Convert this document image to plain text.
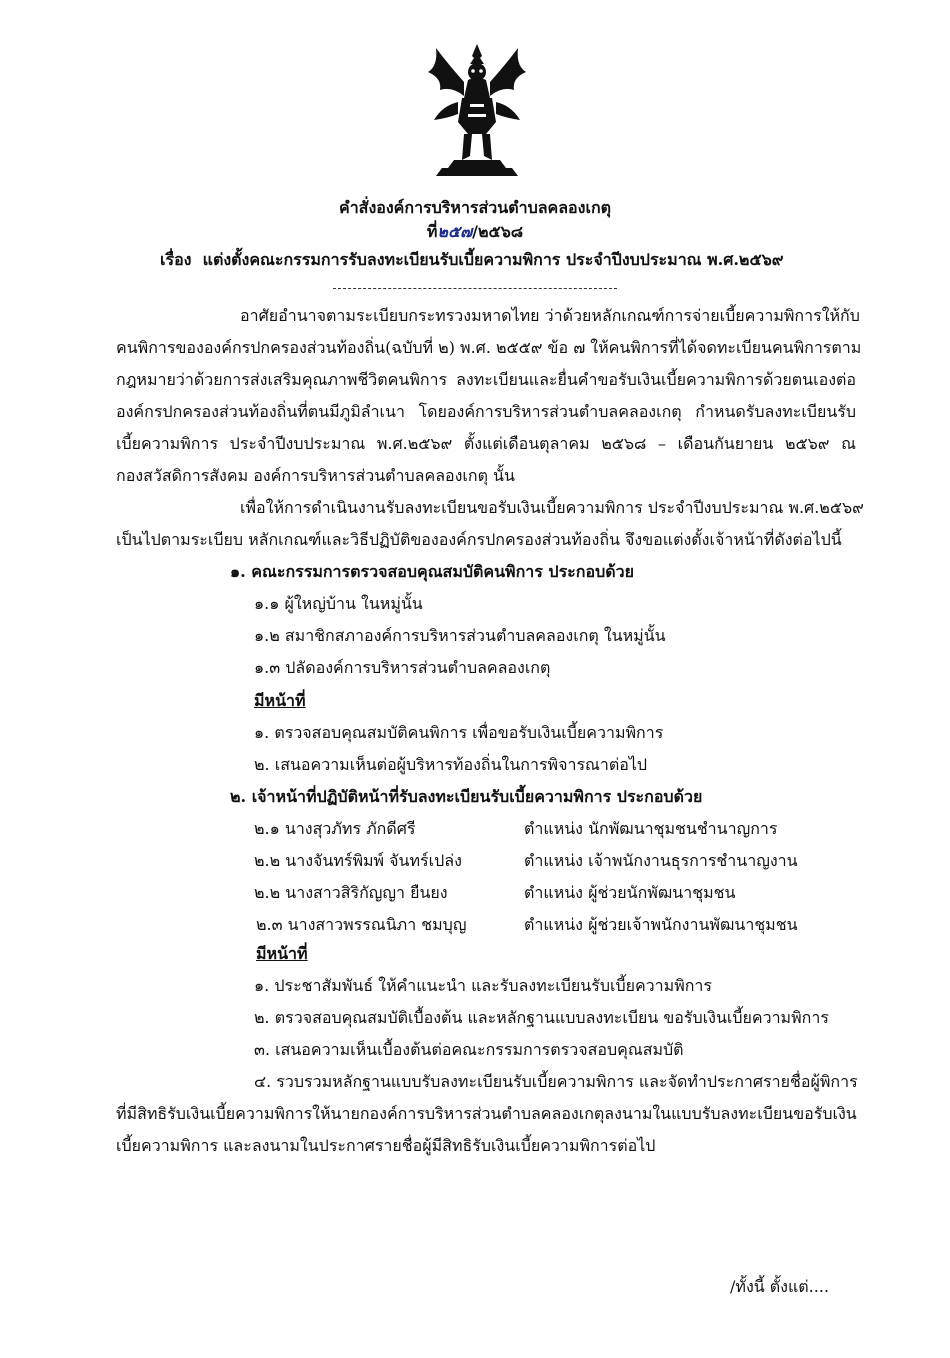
คำสั่งองค์การบริหารส่วนตำบลคลองเกตุ
ที่๒๕๗/๒๕๖๘
เรื่อง แต่งตั้งคณะกรรมการรับลงทะเบียนรับเบี้ยความพิการ ประจำปีงบประมาณ พ.ศ.๒๕๖๙
อาศัยอำนาจตามระเบียบกระทรวงมหาดไทย ว่าด้วยหลักเกณฑ์การจ่ายเบี้ยความพิการให้กับ
คนพิการขององค์กรปกครองส่วนท้องถิ่น(ฉบับที่ ๒) พ.ศ. ๒๕๕๙ ข้อ ๗ ให้คนพิการที่ได้จดทะเบียนคนพิการตาม
กฎหมายว่าด้วยการส่งเสริมคุณภาพชีวิตคนพิการ ลงทะเบียนและยื่นคำขอรับเงินเบี้ยความพิการด้วยตนเองต่อ
องค์กรปกครองส่วนท้องถิ่นที่ตนมีภูมิลำเนา โดยองค์การบริหารส่วนตำบลคลองเกตุ กำหนดรับลงทะเบียนรับ
เบี้ยความพิการ ประจำปีงบประมาณ พ.ศ.๒๕๖๙ ตั้งแต่เดือนตุลาคม ๒๕๖๘ – เดือนกันยายน ๒๕๖๙ ณ
กองสวัสดิการสังคม องค์การบริหารส่วนตำบลคลองเกตุ นั้น
เพื่อให้การดำเนินงานรับลงทะเบียนขอรับเงินเบี้ยความพิการ ประจำปีงบประมาณ พ.ศ.๒๕๖๙
เป็นไปตามระเบียบ หลักเกณฑ์และวิธีปฏิบัติขององค์กรปกครองส่วนท้องถิ่น จึงขอแต่งตั้งเจ้าหน้าที่ดังต่อไปนี้
๑. คณะกรรมการตรวจสอบคุณสมบัติคนพิการ ประกอบด้วย
๑.๑ ผู้ใหญ่บ้าน ในหมู่นั้น
๑.๒ สมาชิกสภาองค์การบริหารส่วนตำบลคลองเกตุ ในหมู่นั้น
๑.๓ ปลัดองค์การบริหารส่วนตำบลคลองเกตุ
มีหน้าที่
๑. ตรวจสอบคุณสมบัติคนพิการ เพื่อขอรับเงินเบี้ยความพิการ
๒. เสนอความเห็นต่อผู้บริหารท้องถิ่นในการพิจารณาต่อไป
๒. เจ้าหน้าที่ปฏิบัติหน้าที่รับลงทะเบียนรับเบี้ยความพิการ ประกอบด้วย
๒.๑ นางสุวภัทร ภักดีศรี	ตำแหน่ง นักพัฒนาชุมชนชำนาญการ
๒.๒ นางจันทร์พิมพ์ จันทร์เปล่ง	ตำแหน่ง เจ้าพนักงานธุรการชำนาญงาน
๒.๒ นางสาวสิริกัญญา ยืนยง	ตำแหน่ง ผู้ช่วยนักพัฒนาชุมชน
๒.๓ นางสาวพรรณนิภา ชมบุญ	ตำแหน่ง ผู้ช่วยเจ้าพนักงานพัฒนาชุมชน
มีหน้าที่
๑. ประชาสัมพันธ์ ให้คำแนะนำ และรับลงทะเบียนรับเบี้ยความพิการ
๒. ตรวจสอบคุณสมบัติเบื้องต้น และหลักฐานแบบลงทะเบียน ขอรับเงินเบี้ยความพิการ
๓. เสนอความเห็นเบื้องต้นต่อคณะกรรมการตรวจสอบคุณสมบัติ
๔. รวบรวมหลักฐานแบบรับลงทะเบียนรับเบี้ยความพิการ และจัดทำประกาศรายชื่อผู้พิการ
ที่มีสิทธิรับเงินเบี้ยความพิการให้นายกองค์การบริหารส่วนตำบลคลองเกตุลงนามในแบบรับลงทะเบียนขอรับเงิน
เบี้ยความพิการ และลงนามในประกาศรายชื่อผู้มีสิทธิรับเงินเบี้ยความพิการต่อไป
/ทั้งนี้ ตั้งแต่....
